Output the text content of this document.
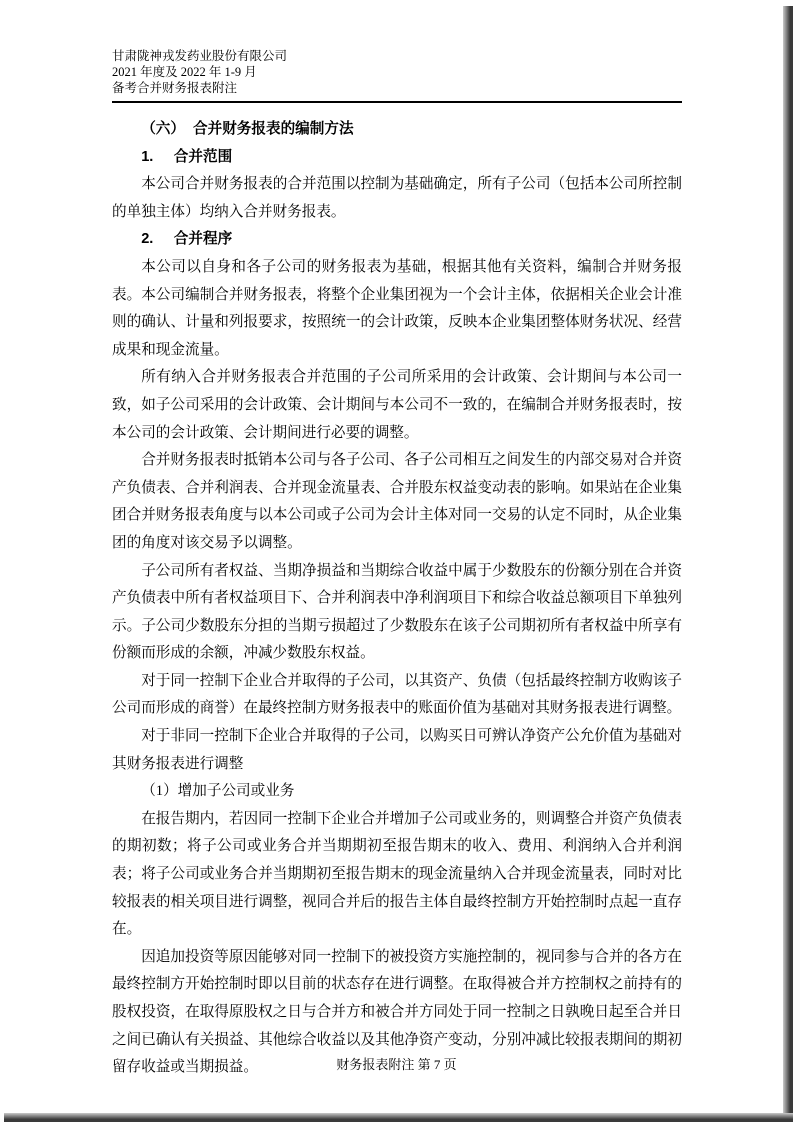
甘肃陇神戎发药业股份有限公司
2021 年度及 2022 年 1-9 月
备考合并财务报表附注

（六） 合并财务报表的编制方法

1. 合并范围

本公司合并财务报表的合并范围以控制为基础确定，所有子公司（包括本公司所控制的单独主体）均纳入合并财务报表。

2. 合并程序

本公司以自身和各子公司的财务报表为基础，根据其他有关资料，编制合并财务报表。本公司编制合并财务报表，将整个企业集团视为一个会计主体，依据相关企业会计准则的确认、计量和列报要求，按照统一的会计政策，反映本企业集团整体财务状况、经营成果和现金流量。

所有纳入合并财务报表合并范围的子公司所采用的会计政策、会计期间与本公司一致，如子公司采用的会计政策、会计期间与本公司不一致的，在编制合并财务报表时，按本公司的会计政策、会计期间进行必要的调整。

合并财务报表时抵销本公司与各子公司、各子公司相互之间发生的内部交易对合并资产负债表、合并利润表、合并现金流量表、合并股东权益变动表的影响。如果站在企业集团合并财务报表角度与以本公司或子公司为会计主体对同一交易的认定不同时，从企业集团的角度对该交易予以调整。

子公司所有者权益、当期净损益和当期综合收益中属于少数股东的份额分别在合并资产负债表中所有者权益项目下、合并利润表中净利润项目下和综合收益总额项目下单独列示。子公司少数股东分担的当期亏损超过了少数股东在该子公司期初所有者权益中所享有份额而形成的余额，冲减少数股东权益。

对于同一控制下企业合并取得的子公司，以其资产、负债（包括最终控制方收购该子公司而形成的商誉）在最终控制方财务报表中的账面价值为基础对其财务报表进行调整。

对于非同一控制下企业合并取得的子公司，以购买日可辨认净资产公允价值为基础对其财务报表进行调整

（1）增加子公司或业务

在报告期内，若因同一控制下企业合并增加子公司或业务的，则调整合并资产负债表的期初数；将子公司或业务合并当期期初至报告期末的收入、费用、利润纳入合并利润表；将子公司或业务合并当期期初至报告期末的现金流量纳入合并现金流量表，同时对比较报表的相关项目进行调整，视同合并后的报告主体自最终控制方开始控制时点起一直存在。

因追加投资等原因能够对同一控制下的被投资方实施控制的，视同参与合并的各方在最终控制方开始控制时即以目前的状态存在进行调整。在取得被合并方控制权之前持有的股权投资，在取得原股权之日与合并方和被合并方同处于同一控制之日孰晚日起至合并日之间已确认有关损益、其他综合收益以及其他净资产变动，分别冲减比较报表期间的期初留存收益或当期损益。	财务报表附注 第 7 页
